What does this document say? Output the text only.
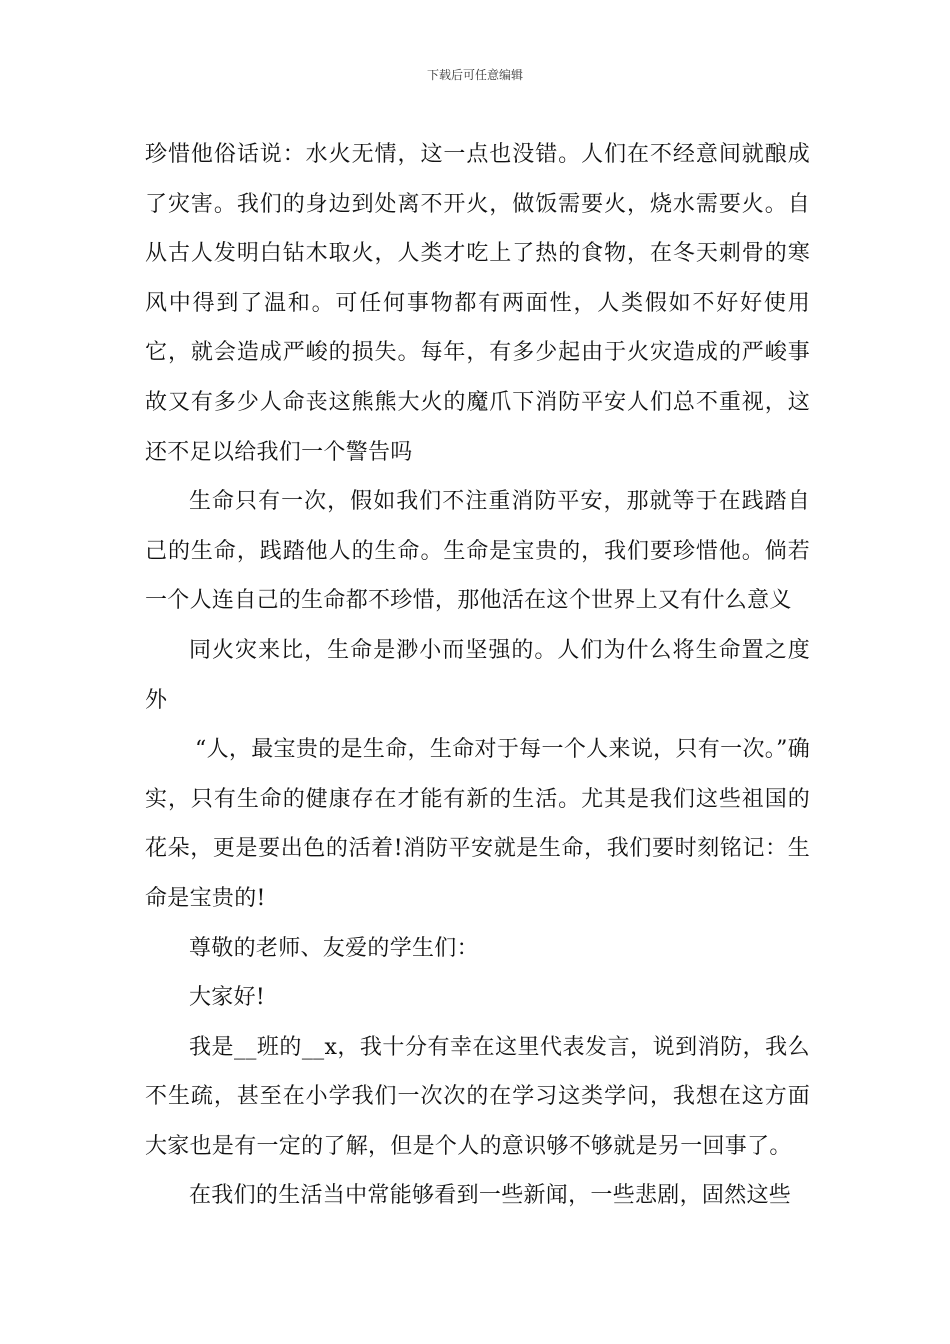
下载后可任意编辑

珍惜他俗话说：水火无情，这一点也没错。人们在不经意间就酿成了灾害。我们的身边到处离不开火，做饭需要火，烧水需要火。自从古人发明白钻木取火，人类才吃上了热的食物，在冬天刺骨的寒风中得到了温和。可任何事物都有两面性，人类假如不好好使用它，就会造成严峻的损失。每年，有多少起由于火灾造成的严峻事故又有多少人命丧这熊熊大火的魔爪下消防平安人们总不重视，这还不足以给我们一个警告吗

生命只有一次，假如我们不注重消防平安，那就等于在践踏自己的生命，践踏他人的生命。生命是宝贵的，我们要珍惜他。倘若一个人连自己的生命都不珍惜，那他活在这个世界上又有什么意义

同火灾来比，生命是渺小而坚强的。人们为什么将生命置之度外

“人，最宝贵的是生命，生命对于每一个人来说，只有一次。”确实，只有生命的健康存在才能有新的生活。尤其是我们这些祖国的花朵，更是要出色的活着!消防平安就是生命，我们要时刻铭记：生命是宝贵的!

尊敬的老师、友爱的学生们：

大家好!

我是__班的__x，我十分有幸在这里代表发言，说到消防，我么不生疏，甚至在小学我们一次次的在学习这类学问，我想在这方面大家也是有一定的了解，但是个人的意识够不够就是另一回事了。

在我们的生活当中常能够看到一些新闻，一些悲剧，固然这些
